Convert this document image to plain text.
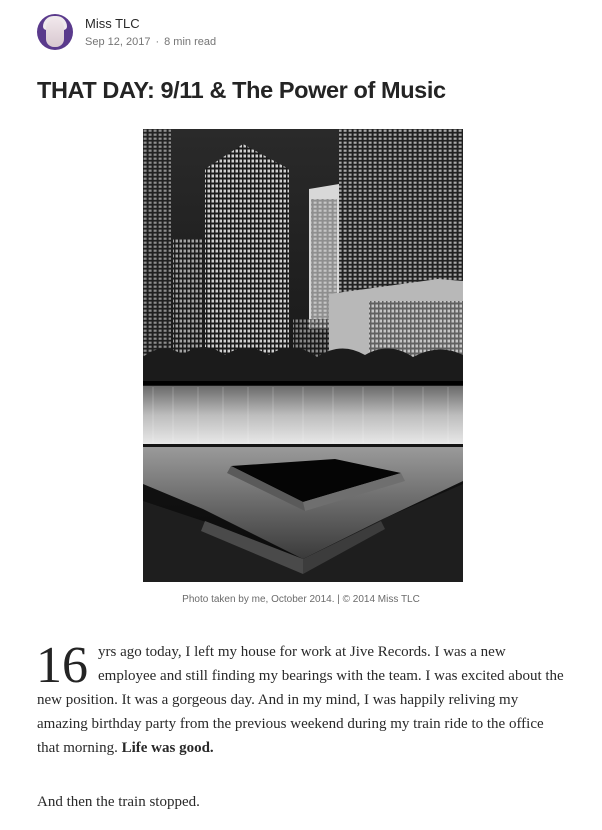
Miss TLC
Sep 12, 2017 · 8 min read
THAT DAY: 9/11 & The Power of Music
Photo taken by me, October 2014. | © 2014 Miss TLC

16 yrs ago today, I left my house for work at Jive Records. I was a new employee and still finding my bearings with the team. I was excited about the new position. It was a gorgeous day. And in my mind, I was happily reliving my amazing birthday party from the previous weekend during my train ride to the office that morning. Life was good.

And then the train stopped.
